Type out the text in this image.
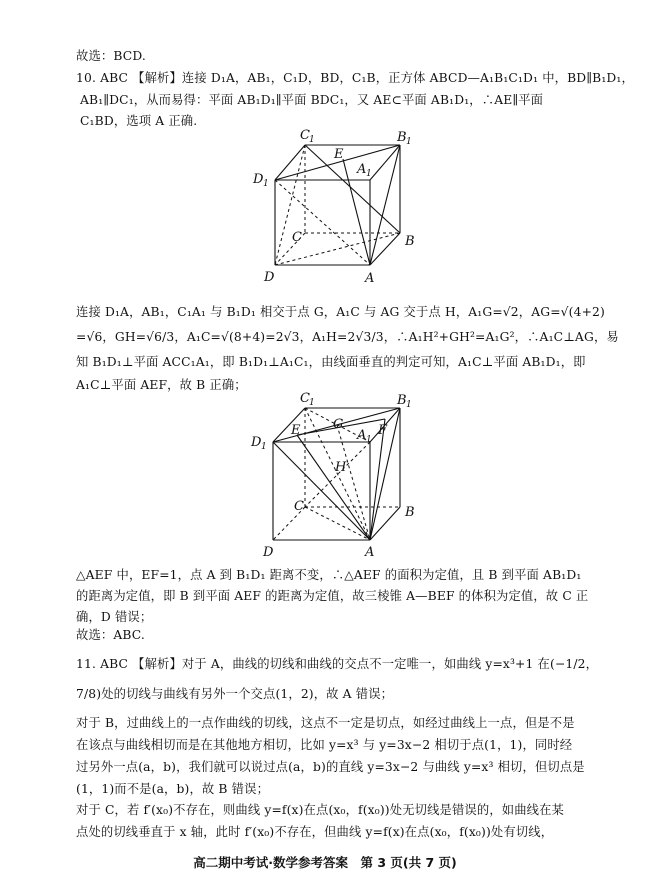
故选：BCD.
10. ABC 【解析】连接 D₁A，AB₁，C₁D，BD，C₁B，正方体 ABCD—A₁B₁C₁D₁ 中，BD∥B₁D₁，
AB₁∥DC₁，从而易得：平面 AB₁D₁∥平面 BDC₁，又 AE⊂平面 AB₁D₁，∴AE∥平面
C₁BD，选项 A 正确.
C 1	B 1
D 1
A 1
E
C	B
D	A
连接 D₁A，AB₁，C₁A₁ 与 B₁D₁ 相交于点 G，A₁C 与 AG 交于点 H，A₁G=√2，AG=√(4+2)
=√6，GH=√6/3，A₁C=√(8+4)=2√3，A₁H=2√3/3，∴A₁H²+GH²=A₁G²，∴A₁C⊥AG，易
知 B₁D₁⊥平面 ACC₁A₁，即 B₁D₁⊥A₁C₁，由线面垂直的判定可知，A₁C⊥平面 AB₁D₁，即
A₁C⊥平面 AEF，故 B 正确；
C 1	B 1
D 1
A 1
E	G	F
H
C	B
D	A
△AEF 中，EF=1，点 A 到 B₁D₁ 距离不变，∴△AEF 的面积为定值，且 B 到平面 AB₁D₁
的距离为定值，即 B 到平面 AEF 的距离为定值，故三棱锥 A—BEF 的体积为定值，故 C 正
确，D 错误；
故选：ABC.
11. ABC 【解析】对于 A，曲线的切线和曲线的交点不一定唯一，如曲线 y=x³+1 在(−1/2，
7/8)处的切线与曲线有另外一个交点(1，2)，故 A 错误；
对于 B，过曲线上的一点作曲线的切线，这点不一定是切点，如经过曲线上一点，但是不是
在该点与曲线相切而是在其他地方相切，比如 y=x³ 与 y=3x−2 相切于点(1，1)，同时经
过另外一点(a，b)，我们就可以说过点(a，b)的直线 y=3x−2 与曲线 y=x³ 相切，但切点是
(1，1)而不是(a，b)，故 B 错误；
对于 C，若 f′(x₀)不存在，则曲线 y=f(x)在点(x₀，f(x₀))处无切线是错误的，如曲线在某
点处的切线垂直于 x 轴，此时 f′(x₀)不存在，但曲线 y=f(x)在点(x₀，f(x₀))处有切线，
高二期中考试·数学参考答案　第 3 页(共 7 页)
